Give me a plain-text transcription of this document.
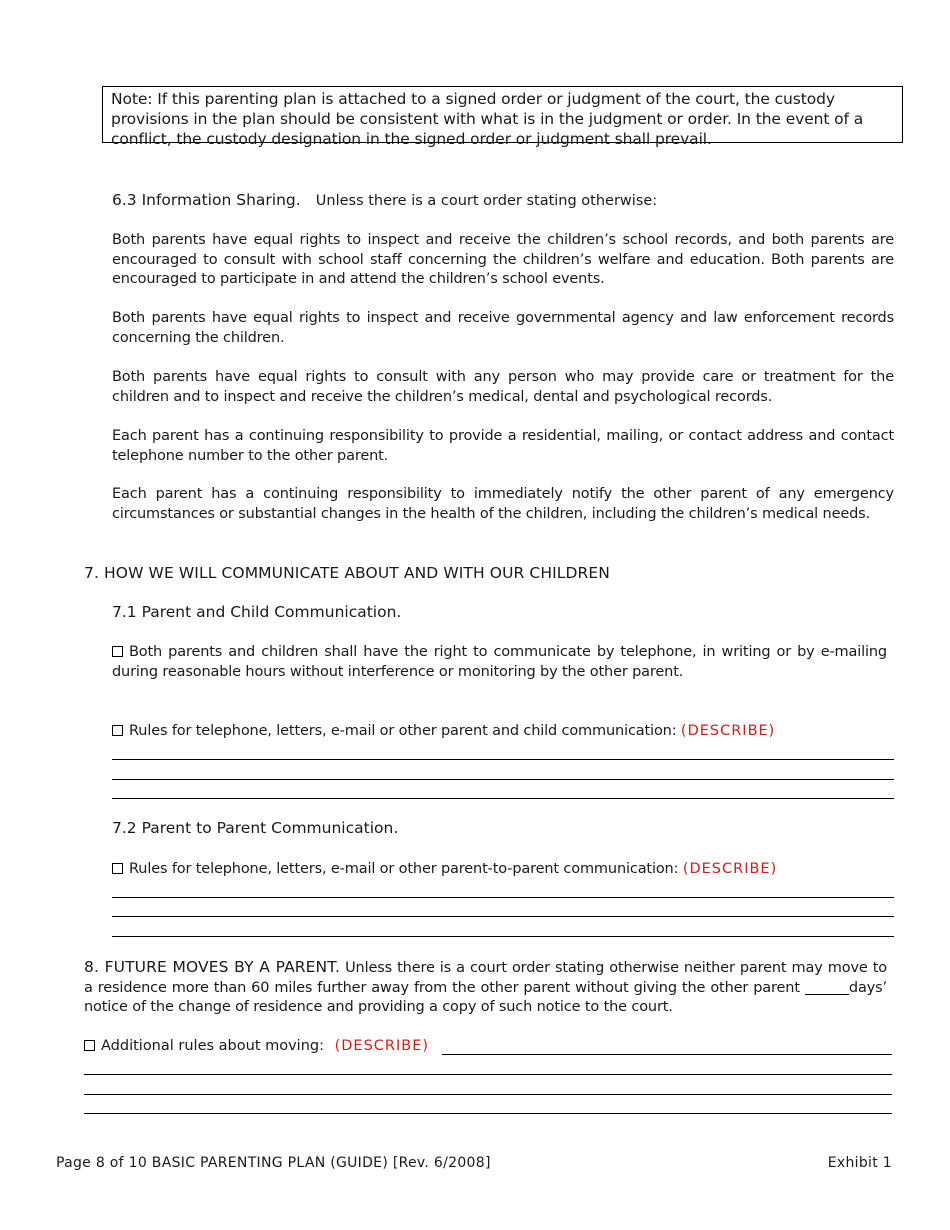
Note: If this parenting plan is attached to a signed order or judgment of the court, the custody provisions in the plan should be consistent with what is in the judgment or order. In the event of a conflict, the custody designation in the signed order or judgment shall prevail.
6.3 Information Sharing. Unless there is a court order stating otherwise:
Both parents have equal rights to inspect and receive the children’s school records, and both parents are encouraged to consult with school staff concerning the children’s welfare and education. Both parents are encouraged to participate in and attend the children’s school events.
Both parents have equal rights to inspect and receive governmental agency and law enforcement records concerning the children.
Both parents have equal rights to consult with any person who may provide care or treatment for the children and to inspect and receive the children’s medical, dental and psychological records.
Each parent has a continuing responsibility to provide a residential, mailing, or contact address and contact telephone number to the other parent.
Each parent has a continuing responsibility to immediately notify the other parent of any emergency circumstances or substantial changes in the health of the children, including the children’s medical needs.
7. HOW WE WILL COMMUNICATE ABOUT AND WITH OUR CHILDREN
7.1 Parent and Child Communication.
Both parents and children shall have the right to communicate by telephone, in writing or by e-mailing during reasonable hours without interference or monitoring by the other parent.
Rules for telephone, letters, e-mail or other parent and child communication: (DESCRIBE)
7.2 Parent to Parent Communication.
Rules for telephone, letters, e-mail or other parent-to-parent communication: (DESCRIBE)
8. FUTURE MOVES BY A PARENT. Unless there is a court order stating otherwise neither parent may move to a residence more than 60 miles further away from the other parent without giving the other parent	days’ notice of the change of residence and providing a copy of such notice to the court.
Additional rules about moving: (DESCRIBE)
Page 8 of 10 BASIC PARENTING PLAN (GUIDE) [Rev. 6/2008]	Exhibit 1
